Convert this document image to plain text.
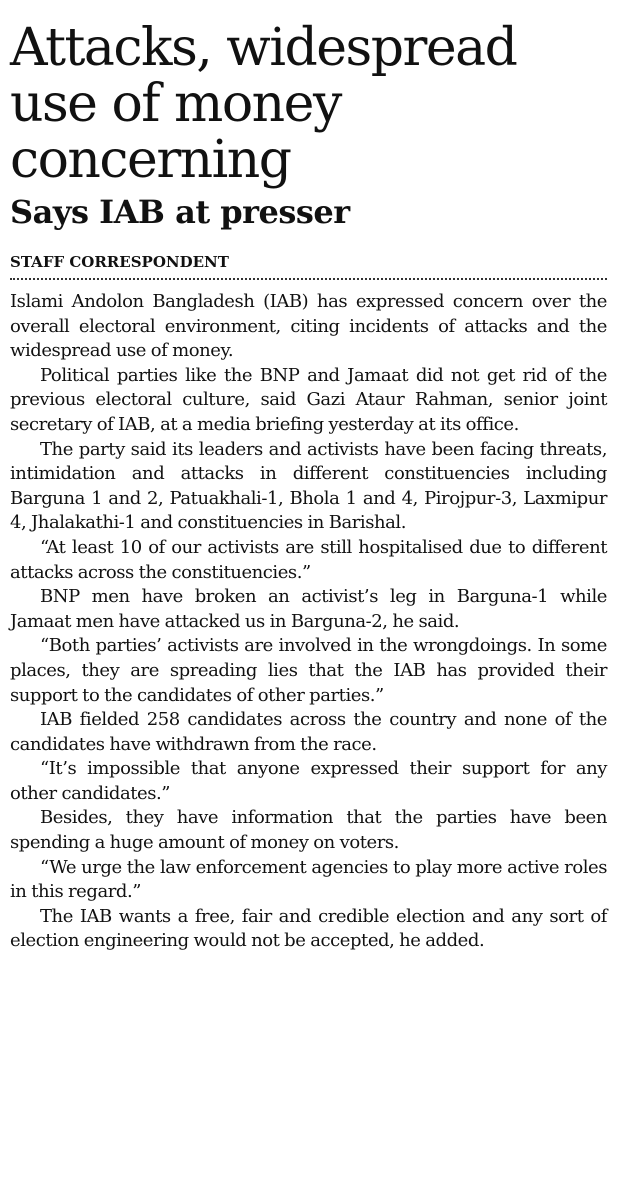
Attacks, widespread use of money concerning
Says IAB at presser
STAFF CORRESPONDENT

Islami Andolon Bangladesh (IAB) has expressed concern over the overall electoral environment, citing incidents of attacks and the widespread use of money.

Political parties like the BNP and Jamaat did not get rid of the previous electoral culture, said Gazi Ataur Rahman, senior joint secretary of IAB, at a media briefing yesterday at its office.

The party said its leaders and activists have been facing threats, intimidation and attacks in different constituencies including Barguna 1 and 2, Patuakhali-1, Bhola 1 and 4, Pirojpur-3, Laxmipur 4, Jhalakathi-1 and constituencies in Barishal.

“At least 10 of our activists are still hospitalised due to different attacks across the constituencies.”

BNP men have broken an activist’s leg in Barguna-1 while Jamaat men have attacked us in Barguna-2, he said.

“Both parties’ activists are involved in the wrongdoings. In some places, they are spreading lies that the IAB has provided their support to the candidates of other parties.”

IAB fielded 258 candidates across the country and none of the candidates have withdrawn from the race.

“It’s impossible that anyone expressed their support for any other candidates.”

Besides, they have information that the parties have been spending a huge amount of money on voters.

“We urge the law enforcement agencies to play more active roles in this regard.”

The IAB wants a free, fair and credible election and any sort of election engineering would not be accepted, he added.
